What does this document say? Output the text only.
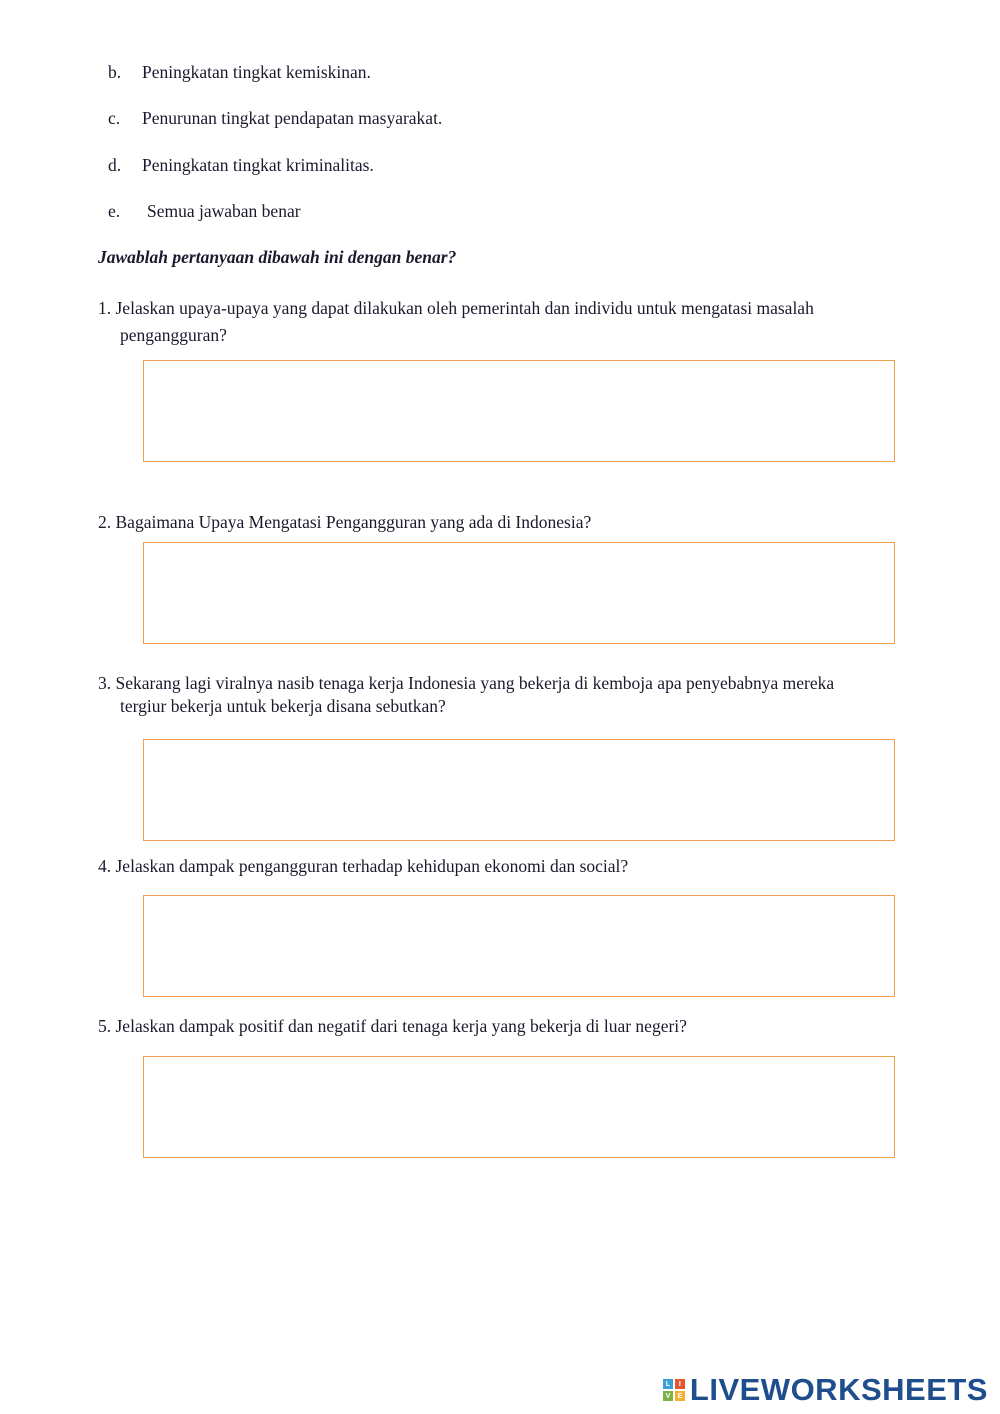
b. Peningkatan tingkat kemiskinan.
c. Penurunan tingkat pendapatan masyarakat.
d. Peningkatan tingkat kriminalitas.
e. Semua jawaban benar
Jawablah pertanyaan dibawah ini dengan benar?
1. Jelaskan upaya-upaya yang dapat dilakukan oleh pemerintah dan individu untuk mengatasi masalah
pengangguran?
2. Bagaimana Upaya Mengatasi Pengangguran yang ada di Indonesia?
3. Sekarang lagi viralnya nasib tenaga kerja Indonesia yang bekerja di kemboja apa penyebabnya mereka
tergiur bekerja untuk bekerja disana sebutkan?
4. Jelaskan dampak pengangguran terhadap kehidupan ekonomi dan social?
5. Jelaskan dampak positif dan negatif dari tenaga kerja yang bekerja di luar negeri?
L	I
V	E LIVEWORKSHEETS
